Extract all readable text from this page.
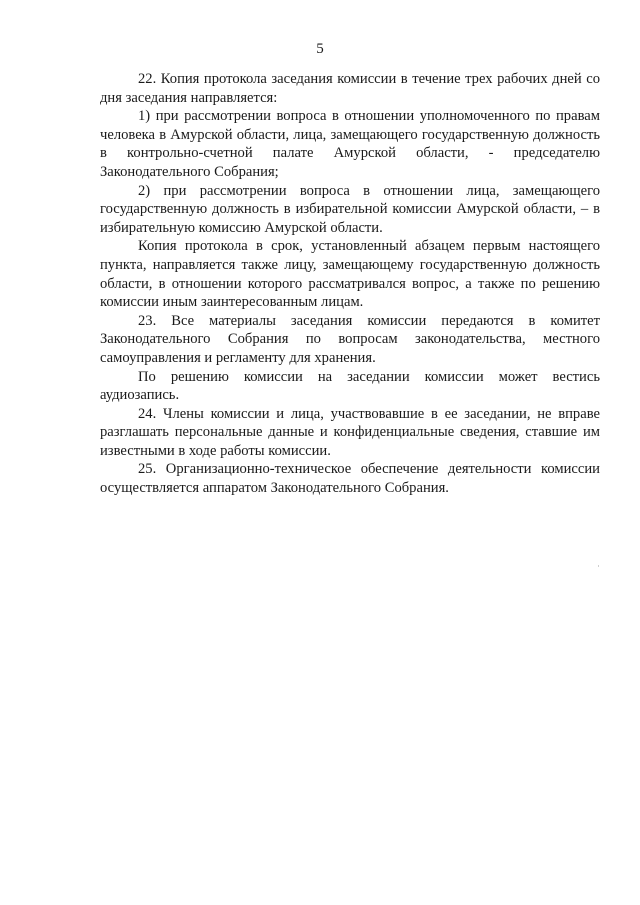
5

22. Копия протокола заседания комиссии в течение трех рабочих дней со дня заседания направляется:

1) при рассмотрении вопроса в отношении уполномоченного по правам человека в Амурской области, лица, замещающего государственную должность в контрольно-счетной палате Амурской области, - председателю Законодательного Собрания;

2) при рассмотрении вопроса в отношении лица, замещающего государственную должность в избирательной комиссии Амурской области, – в избирательную комиссию Амурской области.

Копия протокола в срок, установленный абзацем первым настоящего пункта, направляется также лицу, замещающему государственную должность области, в отношении которого рассматривался вопрос, а также по решению комиссии иным заинтересованным лицам.

23. Все материалы заседания комиссии передаются в комитет Законодательного Собрания по вопросам законодательства, местного самоуправления и регламенту для хранения.

По решению комиссии на заседании комиссии может вестись аудиозапись.

24. Члены комиссии и лица, участвовавшие в ее заседании, не вправе разглашать персональные данные и конфиденциальные сведения, ставшие им известными в ходе работы комиссии.

25. Организационно-техническое обеспечение деятельности комиссии осуществляется аппаратом Законодательного Собрания.
